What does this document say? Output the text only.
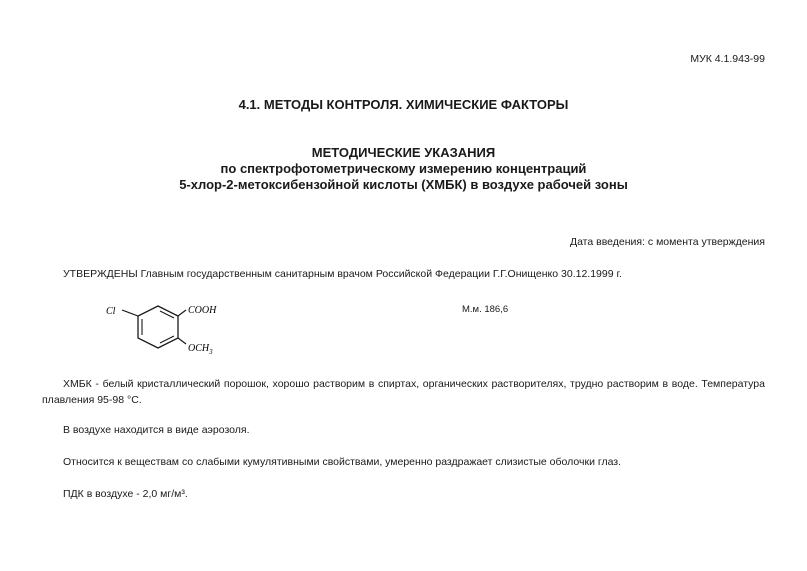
МУК 4.1.943-99
4.1. МЕТОДЫ КОНТРОЛЯ. ХИМИЧЕСКИЕ ФАКТОРЫ
МЕТОДИЧЕСКИЕ УКАЗАНИЯ
по спектрофотометрическому измерению концентраций
5-хлор-2-метоксибензойной кислоты (ХМБК) в воздухе рабочей зоны
Дата введения: с момента утверждения
УТВЕРЖДЕНЫ Главным государственным санитарным врачом Российской Федерации Г.Г.Онищенко 30.12.1999 г.
Cl	COOH
$OCH_3$
М.м. 186,6
ХМБК - белый кристаллический порошок, хорошо растворим в спиртах, органических растворителях, трудно растворим в воде. Температура плавления 95-98 °С.
В воздухе находится в виде аэрозоля.
Относится к веществам со слабыми кумулятивными свойствами, умеренно раздражает слизистые оболочки глаз.
ПДК в воздухе - 2,0 мг/м³.
